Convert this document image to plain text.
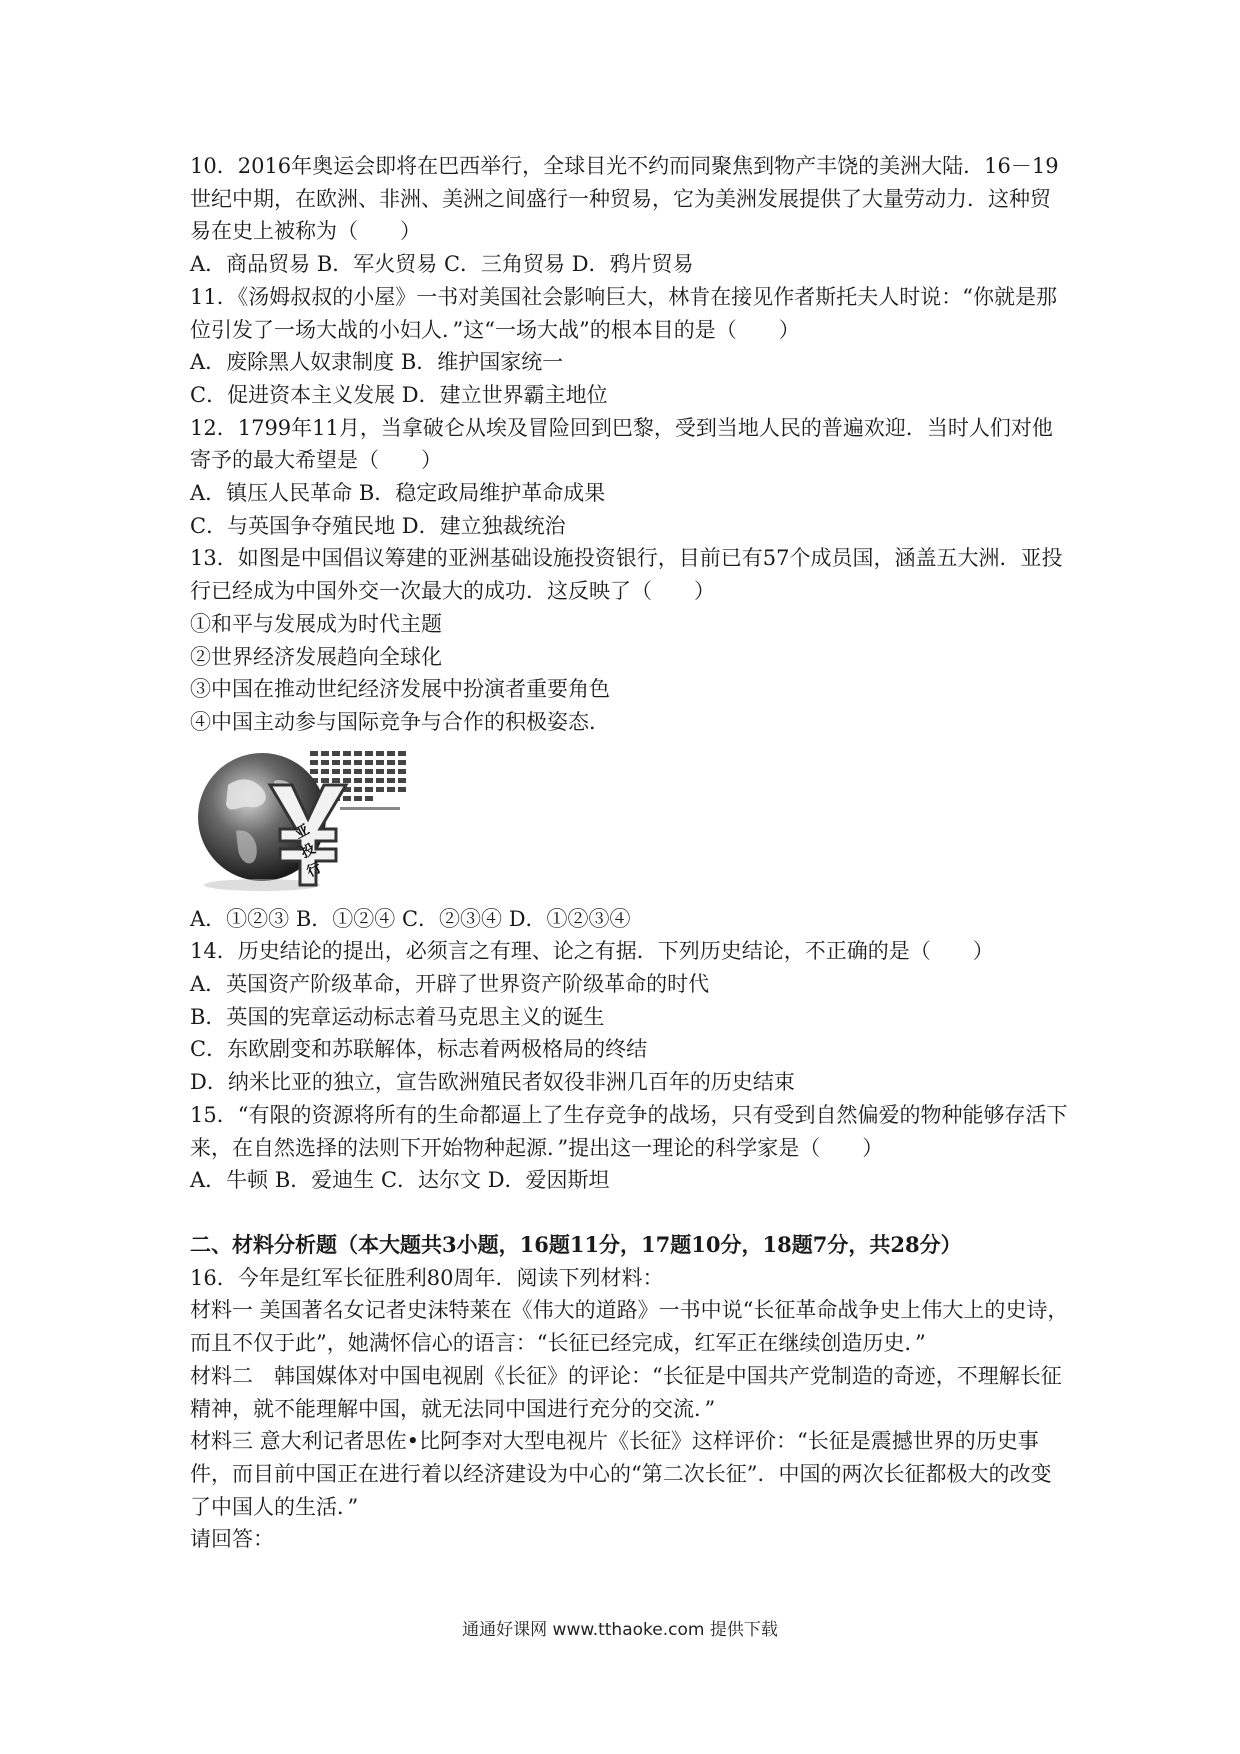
10．2016年奥运会即将在巴西举行，全球目光不约而同聚焦到物产丰饶的美洲大陆．16－19世纪中期，在欧洲、非洲、美洲之间盛行一种贸易，它为美洲发展提供了大量劳动力．这种贸易在史上被称为（　　）
A．商品贸易 B．军火贸易 C．三角贸易 D．鸦片贸易
11．《汤姆叔叔的小屋》一书对美国社会影响巨大，林肯在接见作者斯托夫人时说：“你就是那位引发了一场大战的小妇人．”这“一场大战”的根本目的是（　　）
A．废除黑人奴隶制度 B．维护国家统一
C．促进资本主义发展 D．建立世界霸主地位
12．1799年11月，当拿破仑从埃及冒险回到巴黎，受到当地人民的普遍欢迎．当时人们对他寄予的最大希望是（　　）
A．镇压人民革命 B．稳定政局维护革命成果
C．与英国争夺殖民地 D．建立独裁统治
13．如图是中国倡议筹建的亚洲基础设施投资银行，目前已有57个成员国，涵盖五大洲．亚投行已经成为中国外交一次最大的成功．这反映了（　　）
①和平与发展成为时代主题
②世界经济发展趋向全球化
③中国在推动世纪经济发展中扮演者重要角色
④中国主动参与国际竞争与合作的积极姿态．
亚
投
行
A．①②③ B．①②④ C．②③④ D．①②③④
14．历史结论的提出，必须言之有理、论之有据．下列历史结论，不正确的是（　　）
A．英国资产阶级革命，开辟了世界资产阶级革命的时代
B．英国的宪章运动标志着马克思主义的诞生
C．东欧剧变和苏联解体，标志着两极格局的终结
D．纳米比亚的独立，宣告欧洲殖民者奴役非洲几百年的历史结束
15．“有限的资源将所有的生命都逼上了生存竞争的战场，只有受到自然偏爱的物种能够存活下来，在自然选择的法则下开始物种起源．”提出这一理论的科学家是（　　）
A．牛顿 B．爱迪生 C．达尔文 D．爱因斯坦
二、材料分析题（本大题共3小题，16题11分，17题10分，18题7分，共28分）
16．今年是红军长征胜利80周年．阅读下列材料：
材料一 美国著名女记者史沫特莱在《伟大的道路》一书中说“长征革命战争史上伟大上的史诗，而且不仅于此”，她满怀信心的语言：“长征已经完成，红军正在继续创造历史．”
材料二　韩国媒体对中国电视剧《长征》的评论：“长征是中国共产党制造的奇迹，不理解长征精神，就不能理解中国，就无法同中国进行充分的交流．”
材料三 意大利记者思佐•比阿李对大型电视片《长征》这样评价：“长征是震撼世界的历史事件，而目前中国正在进行着以经济建设为中心的“第二次长征”．中国的两次长征都极大的改变了中国人的生活．”
请回答：
通通好课网 www.tthaoke.com 提供下载
